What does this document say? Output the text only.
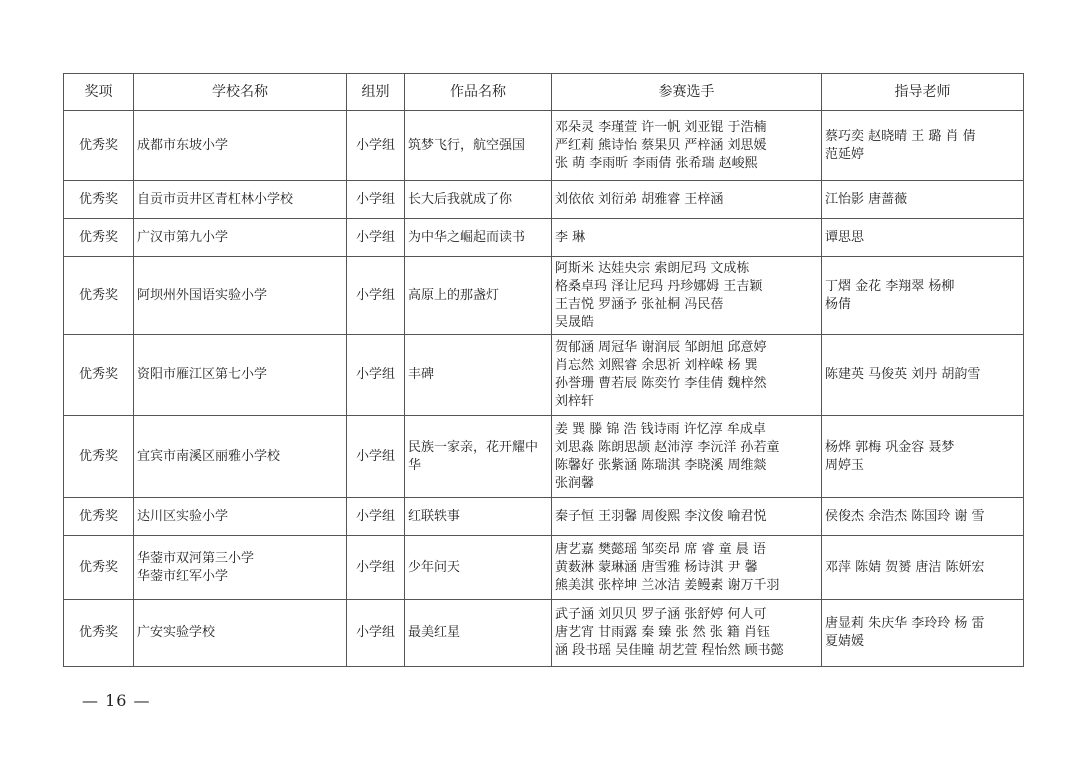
奖项	学校名称	组别	作品名称	参赛选手	指导老师
优秀奖	成都市东坡小学	小学组	筑梦飞行，航空强国	邓朵灵 李瑾萱 许一帆 刘亚锟 于浩楠
严红莉 熊诗怡 蔡果贝 严梓涵 刘思媛
张 萌 李雨昕 李雨倩 张希瑞 赵峻熙	蔡巧奕 赵晓晴 王 璐 肖 倩
范延婷

优秀奖	自贡市贡井区青杠林小学校	小学组	长大后我就成了你	刘依依 刘衍弟 胡雅睿 王梓涵	江怡影 唐蔷薇

优秀奖	广汉市第九小学	小学组	为中华之崛起而读书	李 琳	谭思思

优秀奖	阿坝州外国语实验小学	小学组	高原上的那盏灯	阿斯米 达娃央宗 索朗尼玛 文成栋
格桑卓玛 泽让尼玛 丹珍娜姆 王吉颖
王吉悦 罗涵予 张祉桐 冯民蓓
吴晟皓	丁熠 金花 李翔翠 杨柳
杨倩

优秀奖	资阳市雁江区第七小学	小学组	丰碑	贺郁涵 周冠华 谢润辰 邹朗旭 邱意婷
肖忘然 刘熙睿 余思祈 刘梓嵘 杨 巽
孙誉珊 曹若辰 陈奕竹 李佳倩 魏梓然
刘梓轩	陈建英 马俊英 刘丹 胡韵雪

优秀奖	宜宾市南溪区丽雅小学校	小学组	民族一家亲，花开耀中华	姜 巽 滕 锦 浩 钱诗雨 许忆淳 牟成卓
刘思淼 陈朗思颉 赵沛淳 李沅洋 孙若童
陈馨好 张紫涵 陈瑞淇 李晓溪 周维燚
张润馨	杨烨 郭梅 巩金容 聂梦
周婷玉

优秀奖	达川区实验小学	小学组	红联轶事	秦子恒 王羽馨 周俊熙 李汶俊 喻君悦	侯俊杰 余浩杰 陈国玲 谢 雪

优秀奖	华蓥市双河第三小学
华蓥市红军小学	小学组	少年问天	唐艺嘉 樊懿瑶 邹奕昂 席 睿 童 晨 语
黄薮淋 蒙琳涵 唐雪雅 杨诗淇 尹 馨
熊美淇 张梓坤 兰冰洁 姜鳗素 谢万千羽	邓萍 陈婧 贺赟 唐洁 陈妍宏

优秀奖	广安实验学校	小学组	最美红星	武子涵 刘贝贝 罗子涵 张舒婷 何人可
唐艺宵 甘雨露 秦 臻 张 然 张 籍 肖钰
涵 段书瑶 吴佳瞳 胡艺萱 程怡然 顾书懿	唐显莉 朱庆华 李玲玲 杨 雷
夏婧媛
— 16 —
